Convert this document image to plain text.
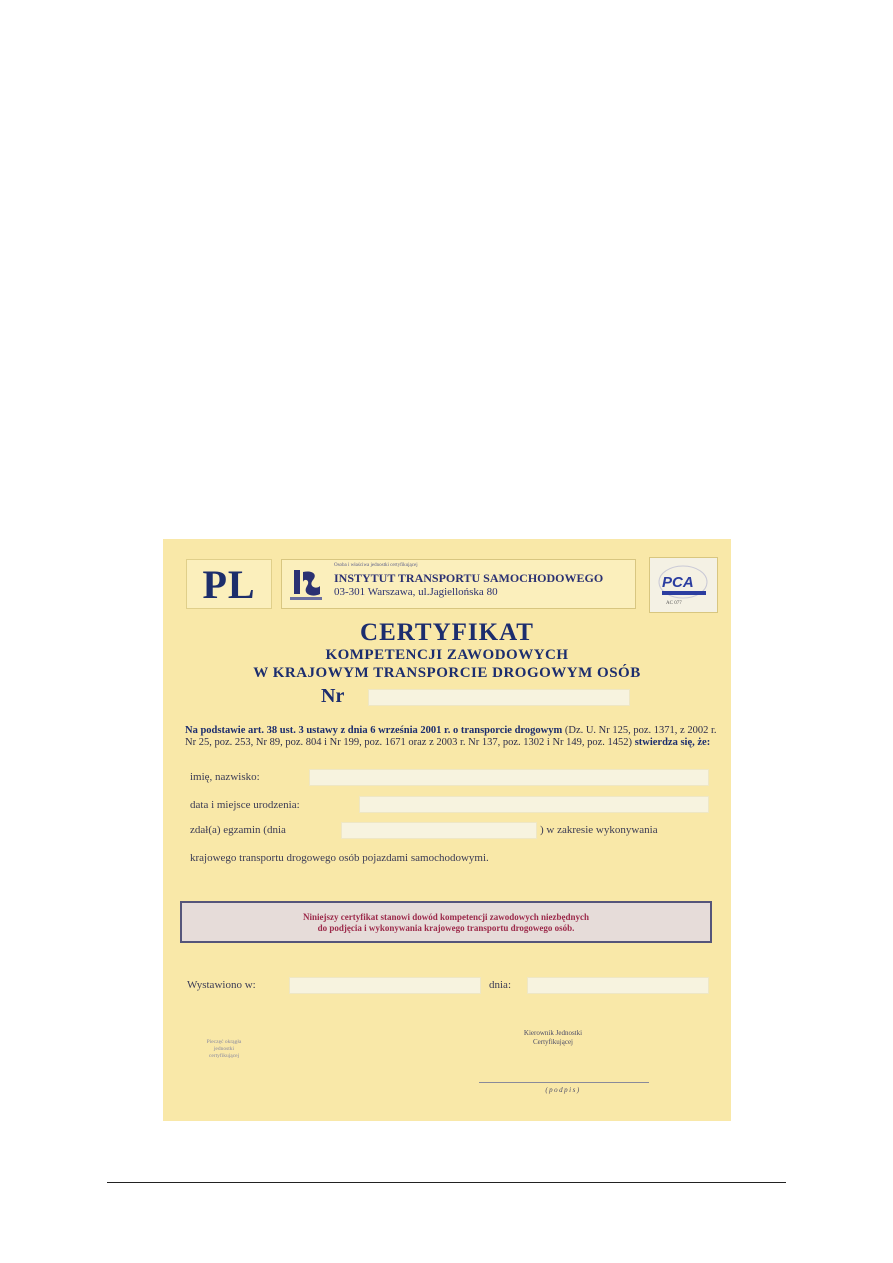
PL	Osoba i właściwa jednostki certyfikującej
INSTYTUT TRANSPORTU SAMOCHODOWEGO
03-301 Warszawa, ul.Jagiellońska 80
PCA
AC 077
CERTYFIKAT
KOMPETENCJI ZAWODOWYCH
W KRAJOWYM TRANSPORCIE DROGOWYM OSÓB
Nr
Na podstawie art. 38 ust. 3 ustawy z dnia 6 września 2001 r. o transporcie drogowym (Dz. U. Nr 125, poz. 1371, z 2002 r. Nr 25, poz. 253, Nr 89, poz. 804 i Nr 199, poz. 1671 oraz z 2003 r. Nr 137, poz. 1302 i Nr 149, poz. 1452) stwierdza się, że:
imię, nazwisko:
data i miejsce urodzenia:
zdał(a) egzamin (dnia	) w zakresie wykonywania
krajowego transportu drogowego osób pojazdami samochodowymi.
Niniejszy certyfikat stanowi dowód kompetencji zawodowych niezbędnych
do podjęcia i wykonywania krajowego transportu drogowego osób.
Wystawiono w:	dnia:
Pieczęć okrągła jednostki certyfikującej
Kierownik Jednostki
Certyfikującej
(podpis)
